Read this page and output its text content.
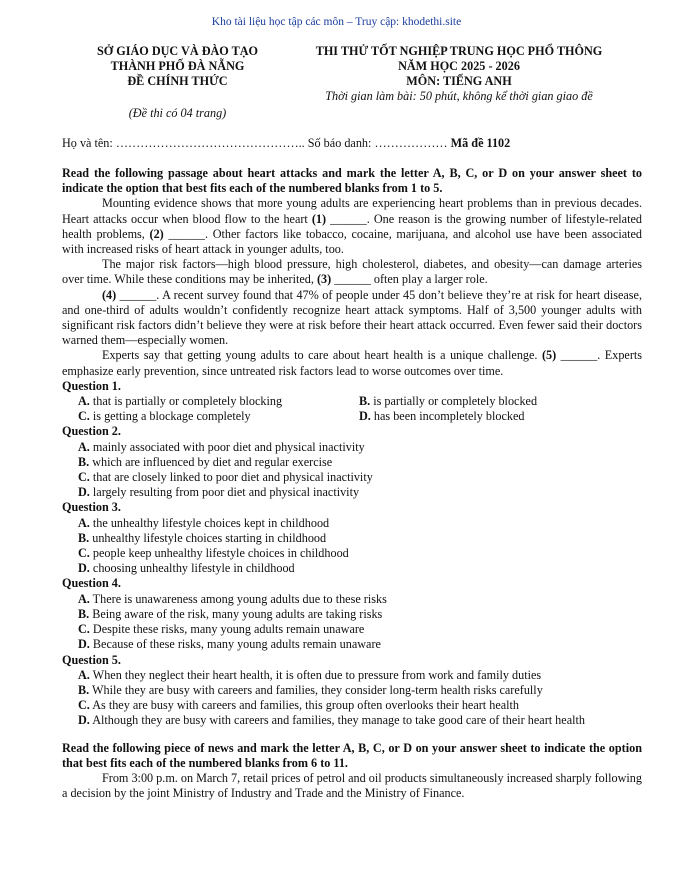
Kho tài liệu học tập các môn – Truy cập: khodethi.site
SỞ GIÁO DỤC VÀ ĐÀO TẠO
THÀNH PHỐ ĐÀ NẴNG
ĐỀ CHÍNH THỨC
THI THỬ TỐT NGHIỆP TRUNG HỌC PHỔ THÔNG
NĂM HỌC 2025 - 2026
MÔN: TIẾNG ANH
Thời gian làm bài: 50 phút, không kể thời gian giao đề
(Đề thi có 04 trang)
Họ và tên: ……………………………………….. Số báo danh: ……………… Mã đề 1102

Read the following passage about heart attacks and mark the letter A, B, C, or D on your answer sheet to indicate the option that best fits each of the numbered blanks from 1 to 5.

Mounting evidence shows that more young adults are experiencing heart problems than in previous decades. Heart attacks occur when blood flow to the heart (1) ______. One reason is the growing number of lifestyle-related health problems, (2) ______. Other factors like tobacco, cocaine, marijuana, and alcohol use have been associated with increased risks of heart attack in younger adults, too.

The major risk factors—high blood pressure, high cholesterol, diabetes, and obesity—can damage arteries over time. While these conditions may be inherited, (3) ______ often play a larger role.

(4) ______. A recent survey found that 47% of people under 45 don’t believe they’re at risk for heart disease, and one-third of adults wouldn’t confidently recognize heart attack symptoms. Half of 3,500 younger adults with significant risk factors didn’t believe they were at risk before their heart attack occurred. Even fewer said their doctors warned them—especially women.

Experts say that getting young adults to care about heart health is a unique challenge. (5) ______. Experts emphasize early prevention, since untreated risk factors lead to worse outcomes over time.

Question 1.
A. that is partially or completely blocking	B. is partially or completely blocked
C. is getting a blockage completely	D. has been incompletely blocked
Question 2.
A. mainly associated with poor diet and physical inactivity
B. which are influenced by diet and regular exercise
C. that are closely linked to poor diet and physical inactivity
D. largely resulting from poor diet and physical inactivity
Question 3.
A. the unhealthy lifestyle choices kept in childhood
B. unhealthy lifestyle choices starting in childhood
C. people keep unhealthy lifestyle choices in childhood
D. choosing unhealthy lifestyle in childhood
Question 4.
A. There is unawareness among young adults due to these risks
B. Being aware of the risk, many young adults are taking risks
C. Despite these risks, many young adults remain unaware
D. Because of these risks, many young adults remain unaware
Question 5.
A. When they neglect their heart health, it is often due to pressure from work and family duties
B. While they are busy with careers and families, they consider long-term health risks carefully
C. As they are busy with careers and families, this group often overlooks their heart health
D. Although they are busy with careers and families, they manage to take good care of their heart health

Read the following piece of news and mark the letter A, B, C, or D on your answer sheet to indicate the option that best fits each of the numbered blanks from 6 to 11.

From 3:00 p.m. on March 7, retail prices of petrol and oil products simultaneously increased sharply following a decision by the joint Ministry of Industry and Trade and the Ministry of Finance.
